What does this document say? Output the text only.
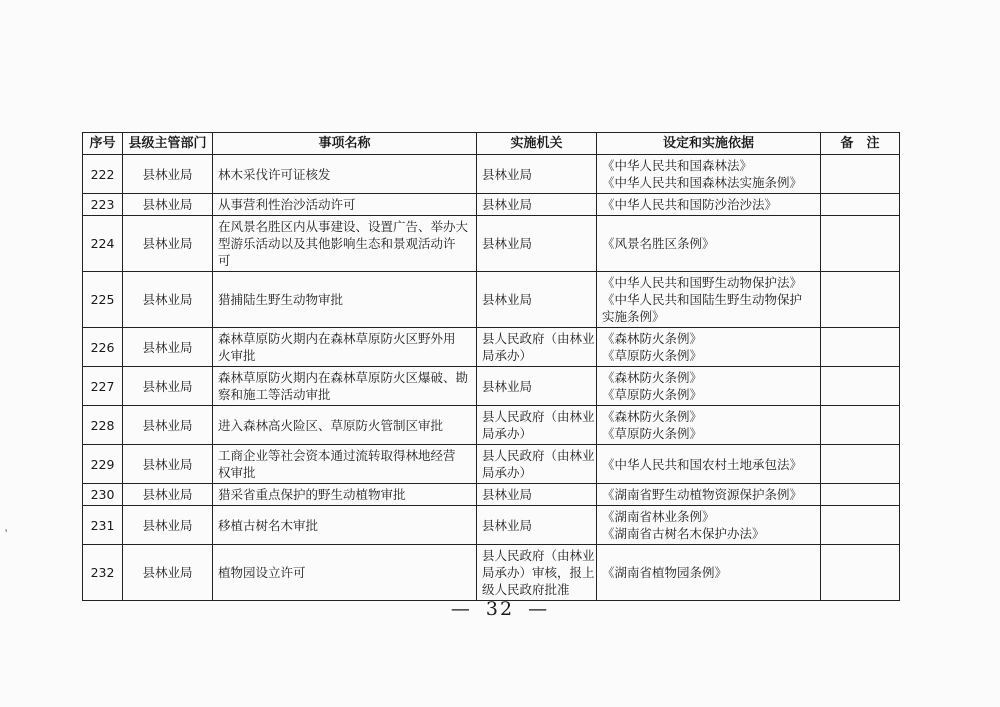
序号	县级主管部门	事项名称	实施机关	设定和实施依据	备　注
222	县林业局	林木采伐许可证核发	县林业局	《中华人民共和国森林法》
《中华人民共和国森林法实施条例》	

223	县林业局	从事营利性治沙活动许可	县林业局	《中华人民共和国防沙治沙法》	

224	县林业局	在风景名胜区内从事建设、设置广告、举办大
型游乐活动以及其他影响生态和景观活动许
可	县林业局	《风景名胜区条例》	

225	县林业局	猎捕陆生野生动物审批	县林业局	《中华人民共和国野生动物保护法》
《中华人民共和国陆生野生动物保护
实施条例》	

226	县林业局	森林草原防火期内在森林草原防火区野外用
火审批	县人民政府（由林业
局承办）	《森林防火条例》
《草原防火条例》	

227	县林业局	森林草原防火期内在森林草原防火区爆破、勘
察和施工等活动审批	县林业局	《森林防火条例》
《草原防火条例》	

228	县林业局	进入森林高火险区、草原防火管制区审批	县人民政府（由林业
局承办）	《森林防火条例》
《草原防火条例》	

229	县林业局	工商企业等社会资本通过流转取得林地经营
权审批	县人民政府（由林业
局承办）	《中华人民共和国农村土地承包法》	

230	县林业局	猎采省重点保护的野生动植物审批	县林业局	《湖南省野生动植物资源保护条例》	

231	县林业局	移植古树名木审批	县林业局	《湖南省林业条例》
《湖南省古树名木保护办法》	

232	县林业局	植物园设立许可	县人民政府（由林业
局承办）审核，报上
级人民政府批准	《湖南省植物园条例》	

— 32 —
,
